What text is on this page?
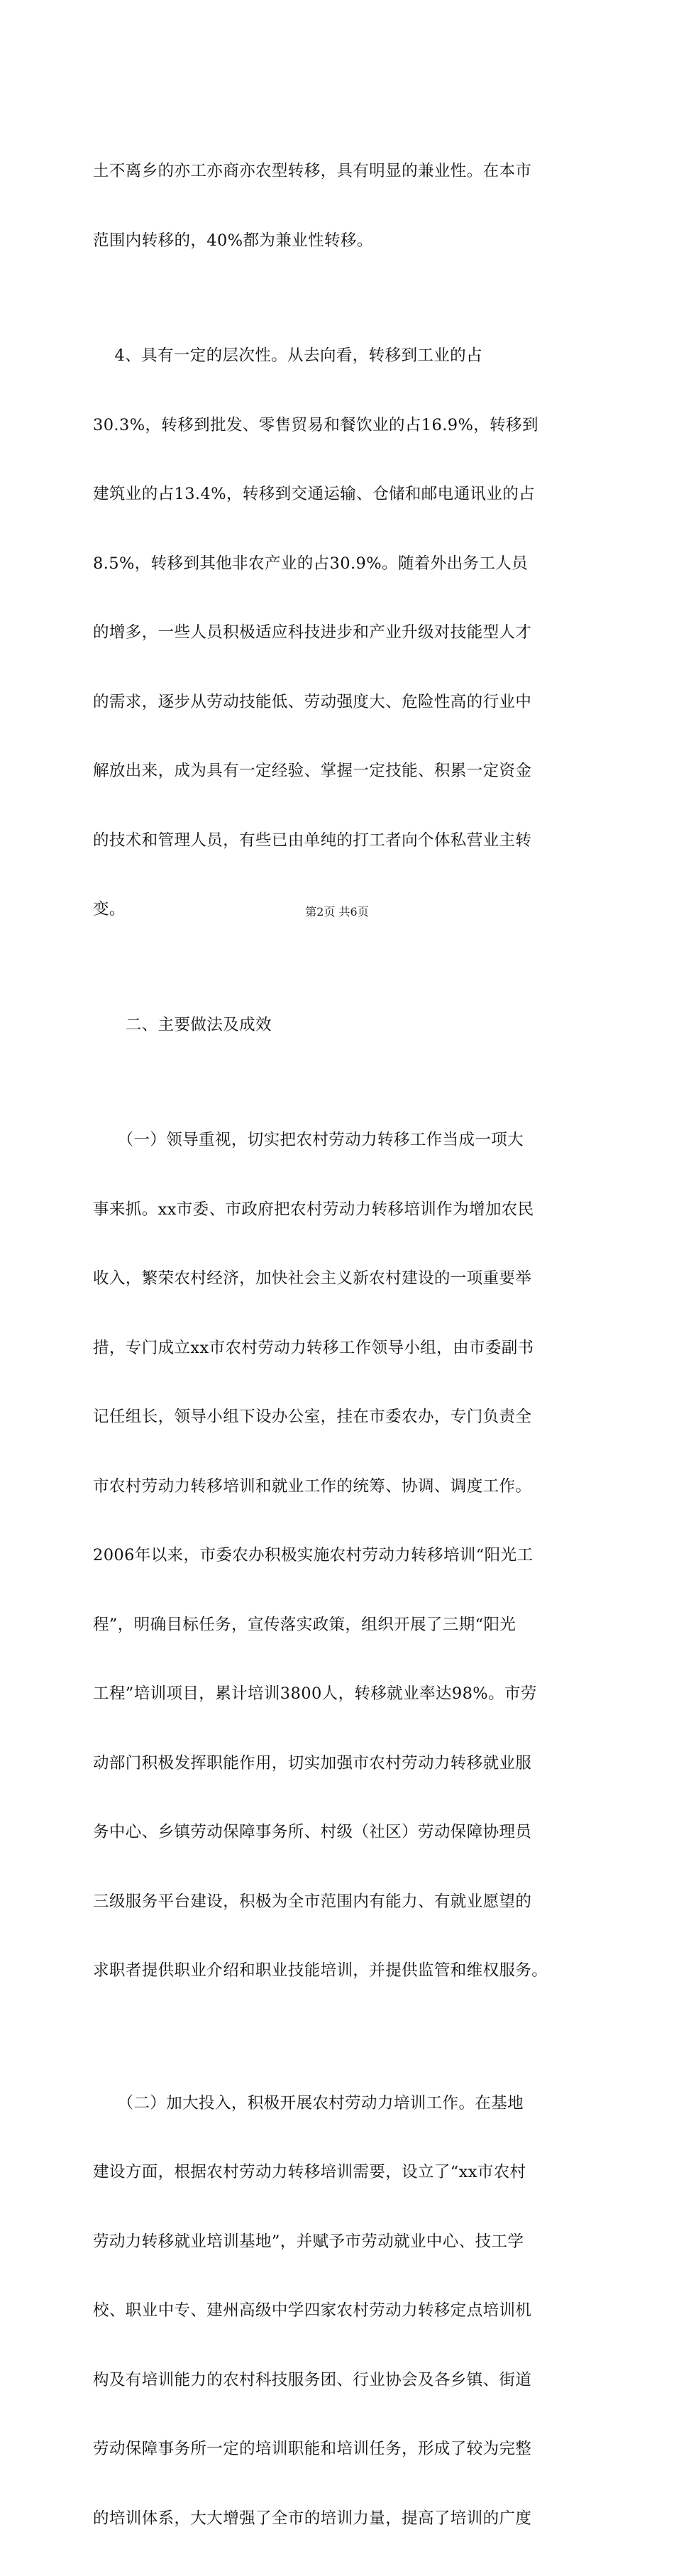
土不离乡的亦工亦商亦农型转移，具有明显的兼业性。在本市

范围内转移的，40%都为兼业性转移。

　 4、具有一定的层次性。从去向看，转移到工业的占

30.3%，转移到批发、零售贸易和餐饮业的占16.9%，转移到

建筑业的占13.4%，转移到交通运输、仓储和邮电通讯业的占

8.5%，转移到其他非农产业的占30.9%。随着外出务工人员

的增多，一些人员积极适应科技进步和产业升级对技能型人才

的需求，逐步从劳动技能低、劳动强度大、危险性高的行业中

解放出来，成为具有一定经验、掌握一定技能、积累一定资金

的技术和管理人员，有些已由单纯的打工者向个体私营业主转

变。

　　二、主要做法及成效

　　（一）领导重视，切实把农村劳动力转移工作当成一项大

事来抓。xx市委、市政府把农村劳动力转移培训作为增加农民

收入，繁荣农村经济，加快社会主义新农村建设的一项重要举

措，专门成立xx市农村劳动力转移工作领导小组，由市委副书

记任组长，领导小组下设办公室，挂在市委农办，专门负责全

市农村劳动力转移培训和就业工作的统筹、协调、调度工作。

2006年以来，市委农办积极实施农村劳动力转移培训“阳光工

程”，明确目标任务，宣传落实政策，组织开展了三期“阳光

工程”培训项目，累计培训3800人，转移就业率达98%。市劳

动部门积极发挥职能作用，切实加强市农村劳动力转移就业服

务中心、乡镇劳动保障事务所、村级（社区）劳动保障协理员

三级服务平台建设，积极为全市范围内有能力、有就业愿望的

求职者提供职业介绍和职业技能培训，并提供监管和维权服务。

　　（二）加大投入，积极开展农村劳动力培训工作。在基地

建设方面，根据农村劳动力转移培训需要，设立了“xx市农村

劳动力转移就业培训基地”，并赋予市劳动就业中心、技工学

校、职业中专、建州高级中学四家农村劳动力转移定点培训机

构及有培训能力的农村科技服务团、行业协会及各乡镇、街道

劳动保障事务所一定的培训职能和培训任务，形成了较为完整

的培训体系，大大增强了全市的培训力量，提高了培训的广度

第2页 共6页
